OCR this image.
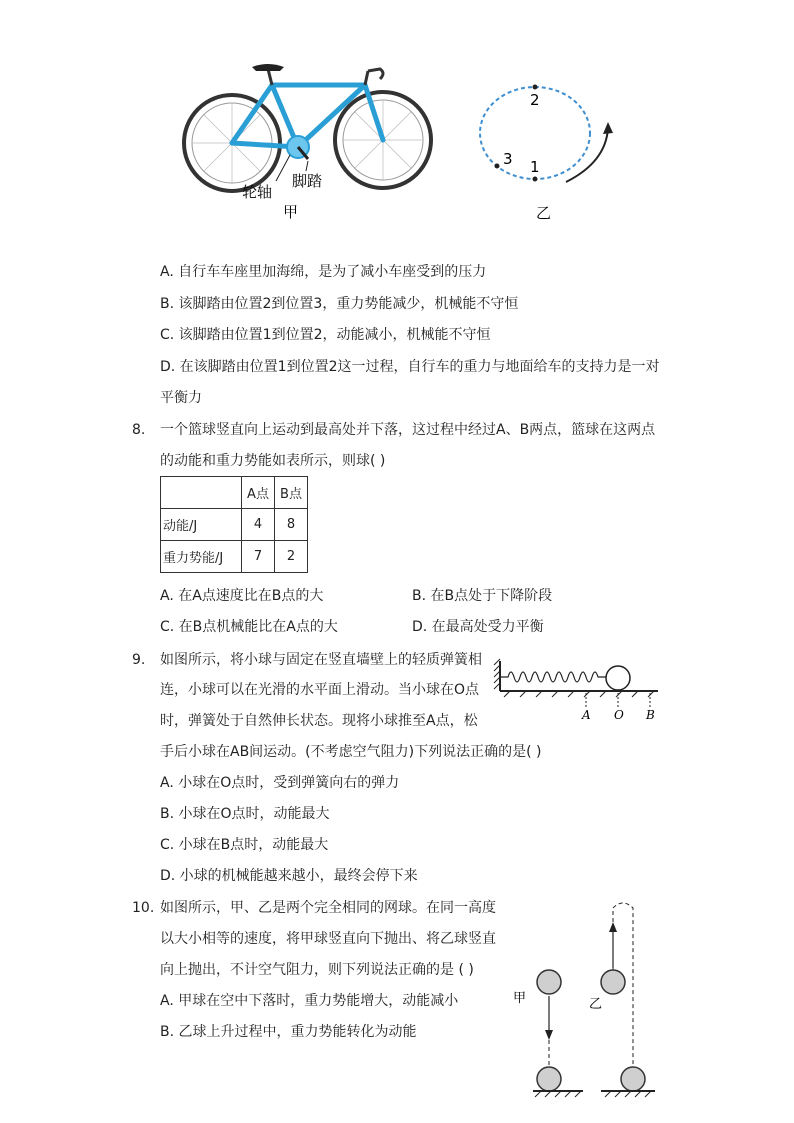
轮轴
脚踏
甲
2
1
3
乙
A. 自行车车座里加海绵，是为了减小车座受到的压力
B. 该脚踏由位置2到位置3，重力势能减少，机械能不守恒
C. 该脚踏由位置1到位置2，动能减小，机械能不守恒
D. 在该脚踏由位置1到位置2这一过程，自行车的重力与地面给车的支持力是一对
平衡力
8. 一个篮球竖直向上运动到最高处并下落，这过程中经过A、B两点，篮球在这两点
的动能和重力势能如表所示，则球( )
	A点	B点
动能/J	4	8
重力势能/J	7	2
A. 在A点速度比在B点的大	B. 在B点处于下降阶段
C. 在B点机械能比在A点的大	D. 在最高处受力平衡
9. 如图所示，将小球与固定在竖直墙壁上的轻质弹簧相
连，小球可以在光滑的水平面上滑动。当小球在O点
时，弹簧处于自然伸长状态。现将小球推至A点，松
手后小球在AB间运动。(不考虑空气阻力)下列说法正确的是( )
A O B
A. 小球在O点时，受到弹簧向右的弹力
B. 小球在O点时，动能最大
C. 小球在B点时，动能最大
D. 小球的机械能越来越小，最终会停下来
10. 如图所示，甲、乙是两个完全相同的网球。在同一高度
以大小相等的速度，将甲球竖直向下抛出、将乙球竖直
向上抛出，不计空气阻力，则下列说法正确的是 ( )
A. 甲球在空中下落时，重力势能增大，动能减小
B. 乙球上升过程中，重力势能转化为动能
甲	乙
